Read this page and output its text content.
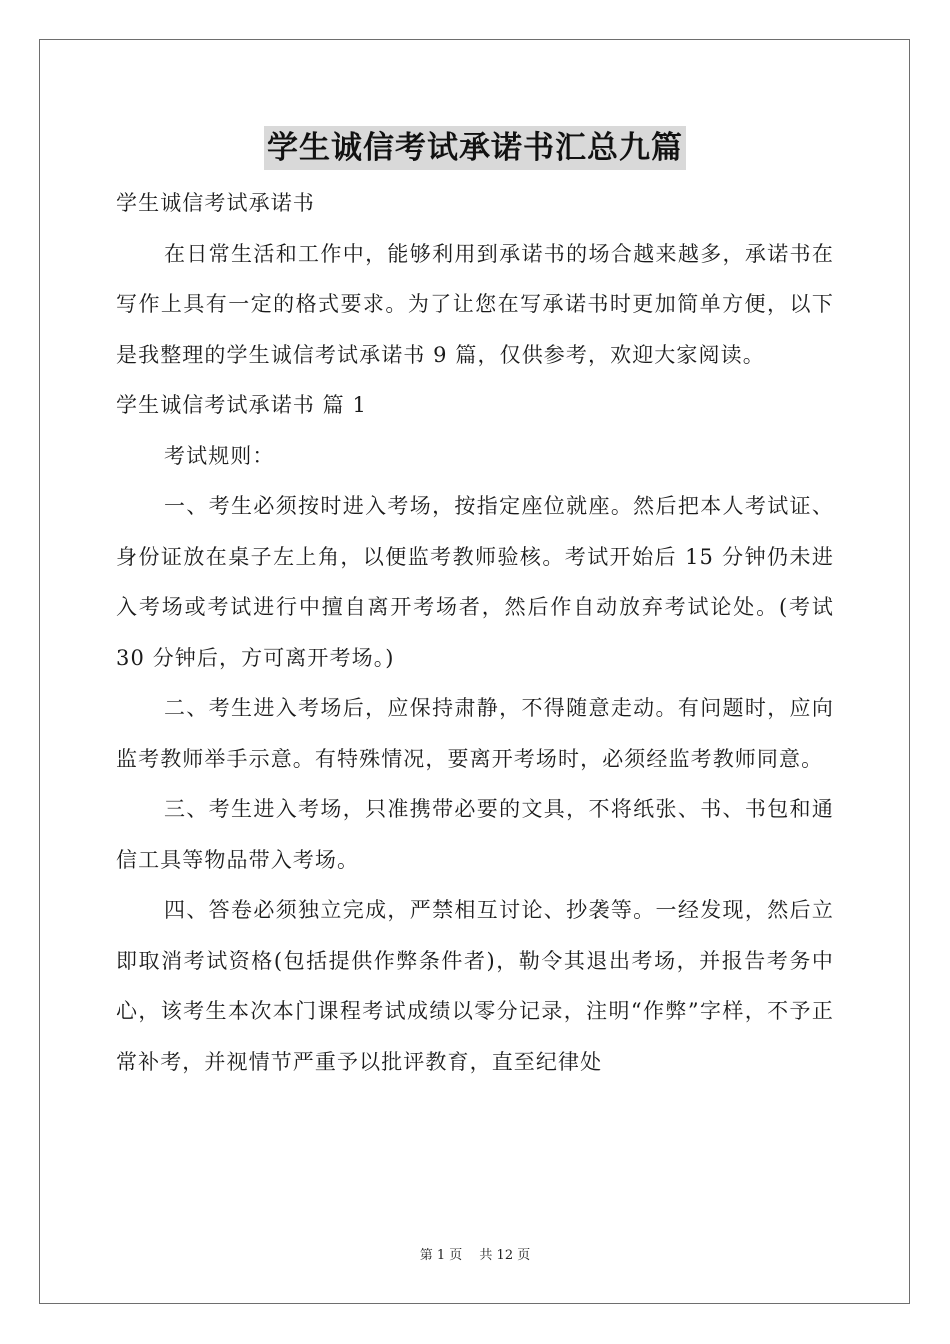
学生诚信考试承诺书汇总九篇

学生诚信考试承诺书

在日常生活和工作中，能够利用到承诺书的场合越来越多，承诺书在写作上具有一定的格式要求。为了让您在写承诺书时更加简单方便，以下是我整理的学生诚信考试承诺书 9 篇，仅供参考，欢迎大家阅读。

学生诚信考试承诺书 篇 1

考试规则：

一、考生必须按时进入考场，按指定座位就座。然后把本人考试证、身份证放在桌子左上角，以便监考教师验核。考试开始后 15 分钟仍未进入考场或考试进行中擅自离开考场者，然后作自动放弃考试论处。(考试 30 分钟后，方可离开考场。)

二、考生进入考场后，应保持肃静，不得随意走动。有问题时，应向监考教师举手示意。有特殊情况，要离开考场时，必须经监考教师同意。

三、考生进入考场，只准携带必要的文具，不将纸张、书、书包和通信工具等物品带入考场。

四、答卷必须独立完成，严禁相互讨论、抄袭等。一经发现，然后立即取消考试资格(包括提供作弊条件者)，勒令其退出考场，并报告考务中心，该考生本次本门课程考试成绩以零分记录，注明“作弊”字样，不予正常补考，并视情节严重予以批评教育，直至纪律处

第 1 页　 共 12 页
